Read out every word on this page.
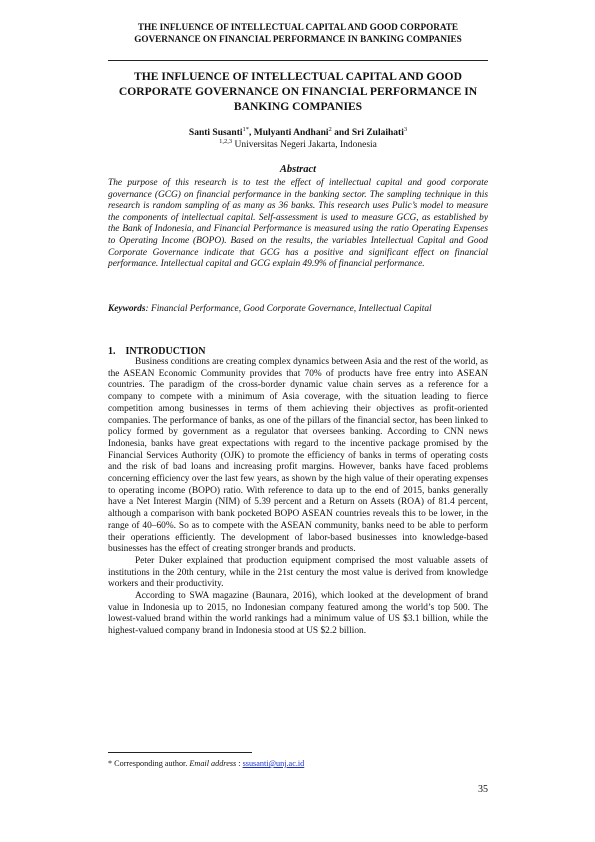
THE INFLUENCE OF INTELLECTUAL CAPITAL AND GOOD CORPORATE
GOVERNANCE ON FINANCIAL PERFORMANCE IN BANKING COMPANIES
THE INFLUENCE OF INTELLECTUAL CAPITAL AND GOOD CORPORATE GOVERNANCE ON FINANCIAL PERFORMANCE IN BANKING COMPANIES
Santi Susanti$^{1*}$, Mulyanti Andhani$^2$ and Sri Zulaihati$^3$
$^{1,2,3}$ Universitas Negeri Jakarta, Indonesia
Abstract
The purpose of this research is to test the effect of intellectual capital and good corporate governance (GCG) on financial performance in the banking sector. The sampling technique in this research is random sampling of as many as 36 banks. This research uses Pulic’s model to measure the components of intellectual capital. Self-assessment is used to measure GCG, as established by the Bank of Indonesia, and Financial Performance is measured using the ratio Operating Expenses to Operating Income (BOPO). Based on the results, the variables Intellectual Capital and Good Corporate Governance indicate that GCG has a positive and significant effect on financial performance. Intellectual capital and GCG explain 49.9% of financial performance.
Keywords: Financial Performance, Good Corporate Governance, Intellectual Capital
1. INTRODUCTION

Business conditions are creating complex dynamics between Asia and the rest of the world, as the ASEAN Economic Community provides that 70% of products have free entry into ASEAN countries. The paradigm of the cross-border dynamic value chain serves as a reference for a company to compete with a minimum of Asia coverage, with the situation leading to fierce competition among businesses in terms of them achieving their objectives as profit-oriented companies. The performance of banks, as one of the pillars of the financial sector, has been linked to policy formed by government as a regulator that oversees banking. According to CNN news Indonesia, banks have great expectations with regard to the incentive package promised by the Financial Services Authority (OJK) to promote the efficiency of banks in terms of operating costs and the risk of bad loans and increasing profit margins. However, banks have faced problems concerning efficiency over the last few years, as shown by the high value of their operating expenses to operating income (BOPO) ratio. With reference to data up to the end of 2015, banks generally have a Net Interest Margin (NIM) of 5.39 percent and a Return on Assets (ROA) of 81.4 percent, although a comparison with bank pocketed BOPO ASEAN countries reveals this to be lower, in the range of 40–60%. So as to compete with the ASEAN community, banks need to be able to perform their operations efficiently. The development of labor-based businesses into knowledge-based businesses has the effect of creating stronger brands and products.

Peter Duker explained that production equipment comprised the most valuable assets of institutions in the 20th century, while in the 21st century the most value is derived from knowledge workers and their productivity.

According to SWA magazine (Baunara, 2016), which looked at the development of brand value in Indonesia up to 2015, no Indonesian company featured among the world’s top 500. The lowest-valued brand within the world rankings had a minimum value of US $3.1 billion, while the highest-valued company brand in Indonesia stood at US $2.2 billion.

* Corresponding author. Email address : ssusanti@unj.ac.id
35
